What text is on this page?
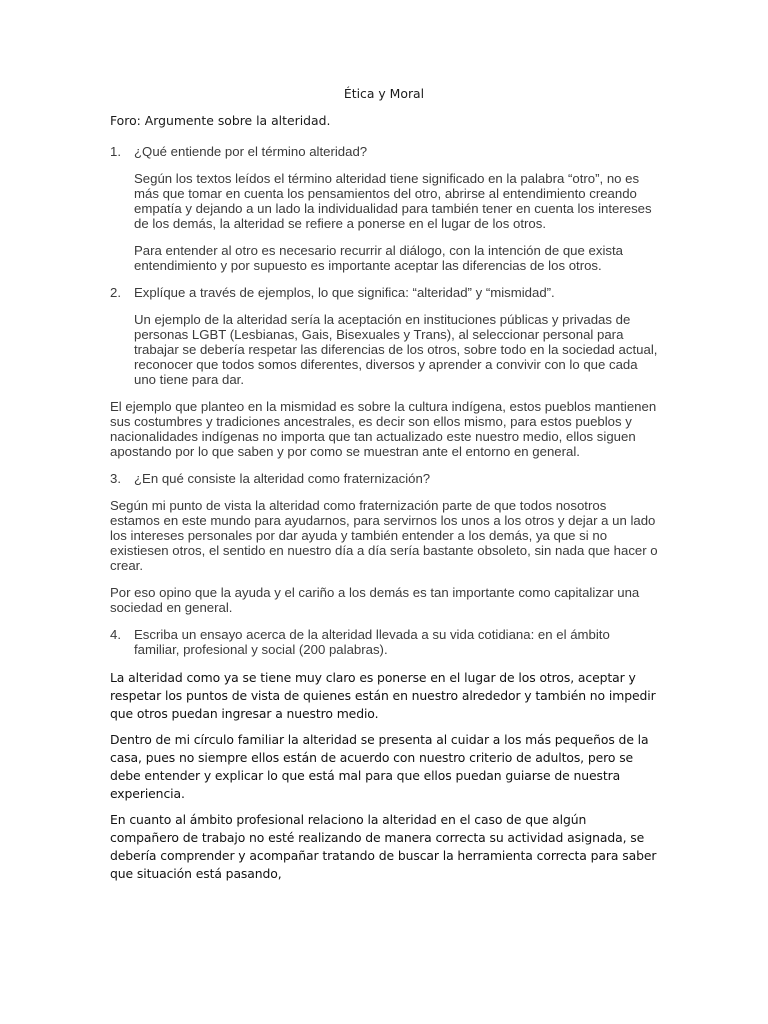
Ética y Moral
Foro: Argumente sobre la alteridad.
1. ¿Qué entiende por el término alteridad?
Según los textos leídos el término alteridad tiene significado en la palabra “otro”, no es más que tomar en cuenta los pensamientos del otro, abrirse al entendimiento creando empatía y dejando a un lado la individualidad para también tener en cuenta los intereses de los demás, la alteridad se refiere a ponerse en el lugar de los otros.
Para entender al otro es necesario recurrir al diálogo, con la intención de que exista entendimiento y por supuesto es importante aceptar las diferencias de los otros.
2. Explíque a través de ejemplos, lo que significa: “alteridad” y “mismidad”.
Un ejemplo de la alteridad sería la aceptación en instituciones públicas y privadas de personas LGBT (Lesbianas, Gais, Bisexuales y Trans), al seleccionar personal para trabajar se debería respetar las diferencias de los otros, sobre todo en la sociedad actual, reconocer que todos somos diferentes, diversos y aprender a convivir con lo que cada uno tiene para dar.
El ejemplo que planteo en la mismidad es sobre la cultura indígena, estos pueblos mantienen sus costumbres y tradiciones ancestrales, es decir son ellos mismo, para estos pueblos y nacionalidades indígenas no importa que tan actualizado este nuestro medio, ellos siguen apostando por lo que saben y por como se muestran ante el entorno en general.
3. ¿En qué consiste la alteridad como fraternización?
Según mi punto de vista la alteridad como fraternización parte de que todos nosotros estamos en este mundo para ayudarnos, para servirnos los unos a los otros y dejar a un lado los intereses personales por dar ayuda y también entender a los demás, ya que si no existiesen otros, el sentido en nuestro día a día sería bastante obsoleto, sin nada que hacer o crear.
Por eso opino que la ayuda y el cariño a los demás es tan importante como capitalizar una sociedad en general.
4. Escriba un ensayo acerca de la alteridad llevada a su vida cotidiana: en el ámbito familiar, profesional y social (200 palabras).
La alteridad como ya se tiene muy claro es ponerse en el lugar de los otros, aceptar y respetar los puntos de vista de quienes están en nuestro alrededor y también no impedir que otros puedan ingresar a nuestro medio.
Dentro de mi círculo familiar la alteridad se presenta al cuidar a los más pequeños de la casa, pues no siempre ellos están de acuerdo con nuestro criterio de adultos, pero se debe entender y explicar lo que está mal para que ellos puedan guiarse de nuestra experiencia.
En cuanto al ámbito profesional relaciono la alteridad en el caso de que algún compañero de trabajo no esté realizando de manera correcta su actividad asignada, se debería comprender y acompañar tratando de buscar la herramienta correcta para saber que situación está pasando,
